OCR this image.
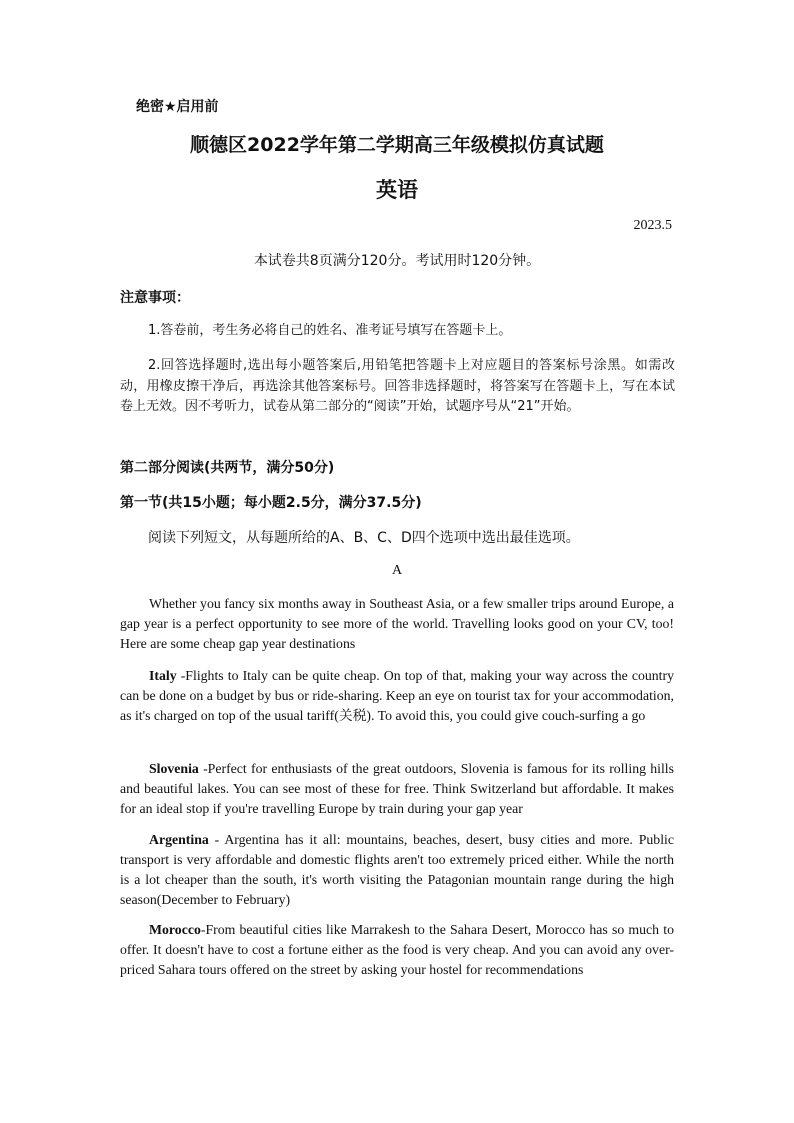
绝密★启用前

顺德区2022学年第二学期高三年级模拟仿真试题

英语

2023.5

本试卷共8页满分120分。考试用时120分钟。

注意事项：

1.答卷前，考生务必将自己的姓名、准考证号填写在答题卡上。

2.回答选择题时,选出每小题答案后,用铅笔把答题卡上对应题目的答案标号涂黑。如需改动，用橡皮擦干净后，再选涂其他答案标号。回答非选择题时，将答案写在答题卡上，写在本试卷上无效。因不考听力，试卷从第二部分的“阅读”开始，试题序号从“21”开始。

第二部分阅读(共两节，满分50分)

第一节(共15小题；每小题2.5分，满分37.5分)

阅读下列短文，从每题所给的A、B、C、D四个选项中选出最佳选项。

A

Whether you fancy six months away in Southeast Asia, or a few smaller trips around Europe, a gap year is a perfect opportunity to see more of the world. Travelling looks good on your CV, too! Here are some cheap gap year destinations

Italy -Flights to Italy can be quite cheap. On top of that, making your way across the country can be done on a budget by bus or ride-sharing. Keep an eye on tourist tax for your accommodation, as it's charged on top of the usual tariff(关税). To avoid this, you could give couch-surfing a go

Slovenia -Perfect for enthusiasts of the great outdoors, Slovenia is famous for its rolling hills and beautiful lakes. You can see most of these for free. Think Switzerland but affordable. It makes for an ideal stop if you're travelling Europe by train during your gap year

Argentina - Argentina has it all: mountains, beaches, desert, busy cities and more. Public transport is very affordable and domestic flights aren't too extremely priced either. While the north is a lot cheaper than the south, it's worth visiting the Patagonian mountain range during the high season(December to February)

Morocco-From beautiful cities like Marrakesh to the Sahara Desert, Morocco has so much to offer. It doesn't have to cost a fortune either as the food is very cheap. And you can avoid any over-priced Sahara tours offered on the street by asking your hostel for recommendations
